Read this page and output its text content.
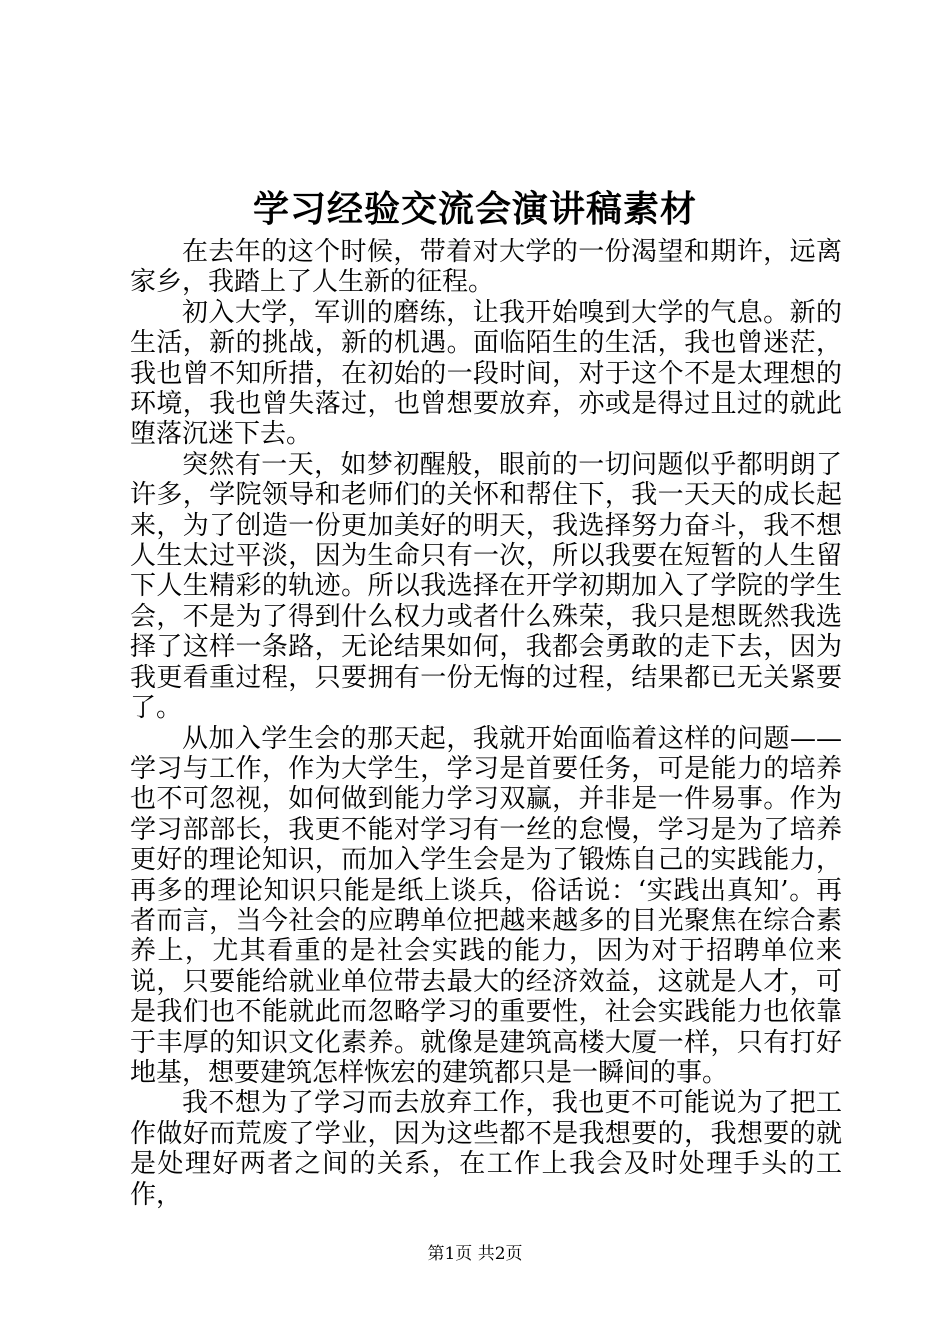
学习经验交流会演讲稿素材

在去年的这个时候，带着对大学的一份渴望和期许，远离家乡，我踏上了人生新的征程。

初入大学，军训的磨练，让我开始嗅到大学的气息。新的生活，新的挑战，新的机遇。面临陌生的生活，我也曾迷茫，我也曾不知所措，在初始的一段时间，对于这个不是太理想的环境，我也曾失落过，也曾想要放弃，亦或是得过且过的就此堕落沉迷下去。

突然有一天，如梦初醒般，眼前的一切问题似乎都明朗了许多，学院领导和老师们的关怀和帮住下，我一天天的成长起来，为了创造一份更加美好的明天，我选择努力奋斗，我不想人生太过平淡，因为生命只有一次，所以我要在短暂的人生留下人生精彩的轨迹。所以我选择在开学初期加入了学院的学生会，不是为了得到什么权力或者什么殊荣，我只是想既然我选择了这样一条路，无论结果如何，我都会勇敢的走下去，因为我更看重过程，只要拥有一份无悔的过程，结果都已无关紧要了。

从加入学生会的那天起，我就开始面临着这样的问题——学习与工作，作为大学生，学习是首要任务，可是能力的培养也不可忽视，如何做到能力学习双赢，并非是一件易事。作为学习部部长，我更不能对学习有一丝的怠慢，学习是为了培养更好的理论知识，而加入学生会是为了锻炼自己的实践能力，再多的理论知识只能是纸上谈兵，俗话说：‘实践出真知’。再者而言，当今社会的应聘单位把越来越多的目光聚焦在综合素养上，尤其看重的是社会实践的能力，因为对于招聘单位来说，只要能给就业单位带去最大的经济效益，这就是人才，可是我们也不能就此而忽略学习的重要性，社会实践能力也依靠于丰厚的知识文化素养。就像是建筑高楼大厦一样，只有打好地基，想要建筑怎样恢宏的建筑都只是一瞬间的事。

我不想为了学习而去放弃工作，我也更不可能说为了把工作做好而荒废了学业，因为这些都不是我想要的，我想要的就是处理好两者之间的关系，在工作上我会及时处理手头的工作，

第1页 共2页
